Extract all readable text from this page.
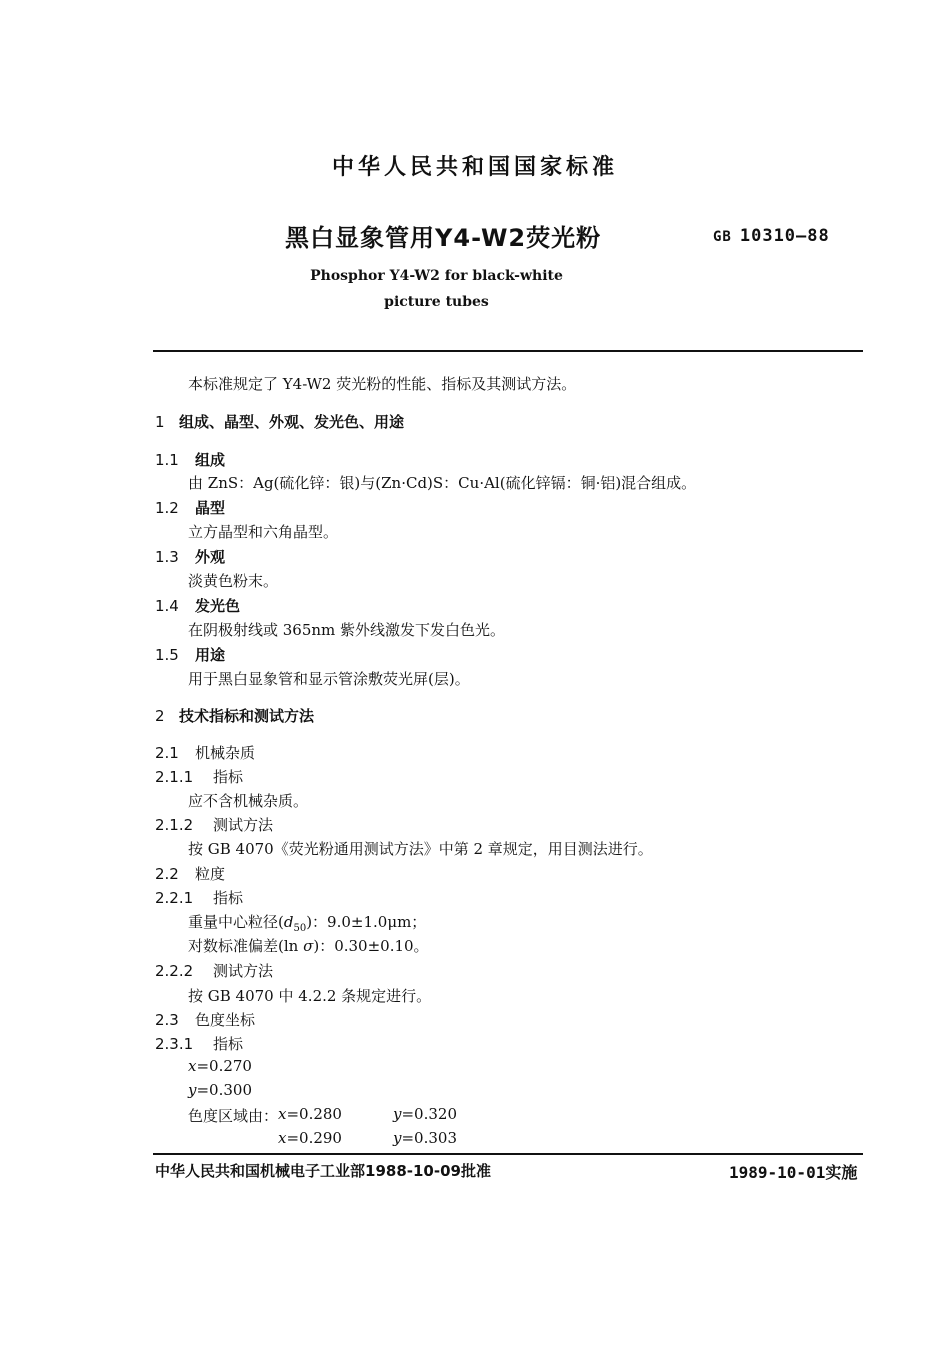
中华人民共和国国家标准
黑白显象管用Y4-W2荧光粉	GB 10310—88
Phosphor Y4-W2 for black-white
picture tubes
本标准规定了 Y4-W2 荧光粉的性能、指标及其测试方法。
1 组成、晶型、外观、发光色、用途
1.1 组成
由 ZnS：Ag(硫化锌：银)与(Zn·Cd)S：Cu·Al(硫化锌镉：铜·铝)混合组成。
1.2 晶型
立方晶型和六角晶型。
1.3 外观
淡黄色粉末。
1.4 发光色
在阴极射线或 365nm 紫外线激发下发白色光。
1.5 用途
用于黑白显象管和显示管涂敷荧光屏(层)。
2 技术指标和测试方法
2.1 机械杂质
2.1.1 指标
应不含机械杂质。
2.1.2 测试方法
按 GB 4070《荧光粉通用测试方法》中第 2 章规定，用目测法进行。
2.2 粒度
2.2.1 指标
重量中心粒径$(d_{50})$：9.0±1.0μm；
对数标准偏差(ln σ)：0.30±0.10。
2.2.2 测试方法
按 GB 4070 中 4.2.2 条规定进行。
2.3 色度坐标
2.3.1 指标
x=0.270
y=0.300
色度区域由： x=0.280	y=0.320
x=0.290	y=0.303
中华人民共和国机械电子工业部1988-10-09批准	1989-10-01实施
